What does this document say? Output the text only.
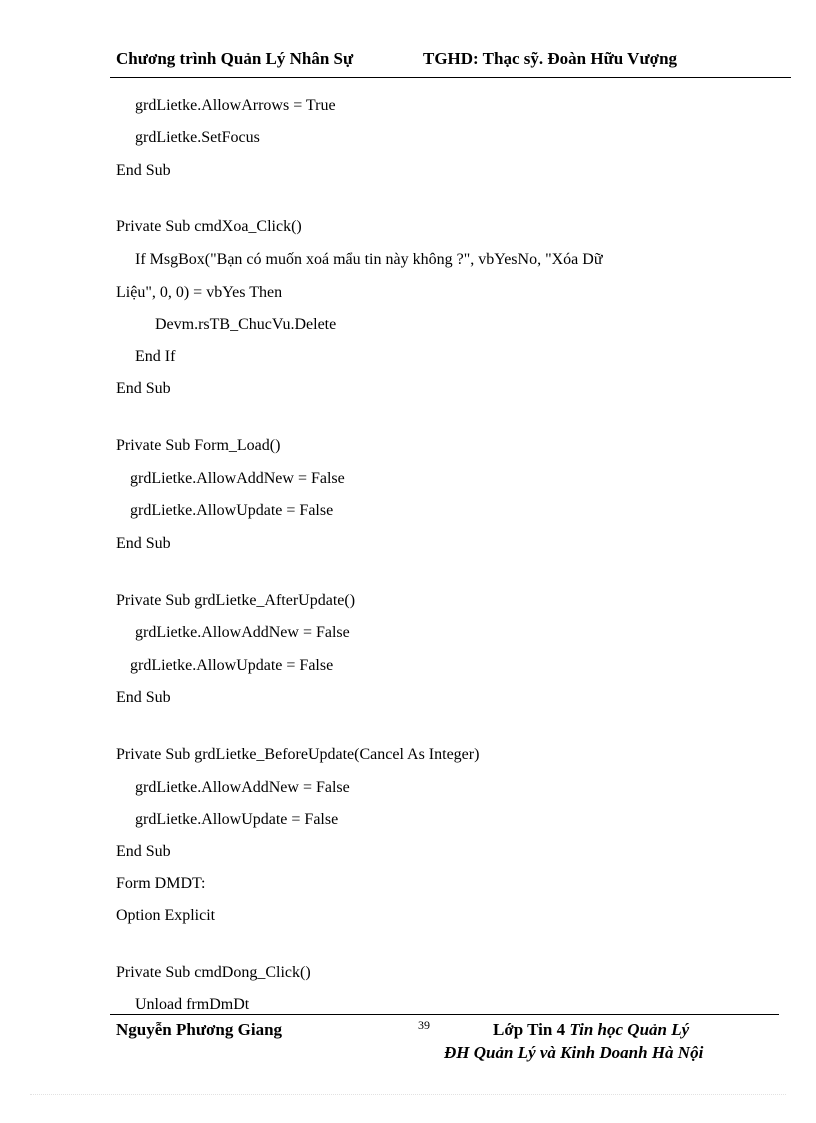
Chương trình Quản Lý Nhân Sự	TGHD: Thạc sỹ. Đoàn Hữu Vượng
grdLietke.AllowArrows = True
grdLietke.SetFocus
End Sub
Private Sub cmdXoa_Click()
If MsgBox("Bạn có muốn xoá mẩu tin này không ?", vbYesNo, "Xóa Dữ
Liệu", 0, 0) = vbYes Then
Devm.rsTB_ChucVu.Delete
End If
End Sub
Private Sub Form_Load()
grdLietke.AllowAddNew = False
grdLietke.AllowUpdate = False
End Sub
Private Sub grdLietke_AfterUpdate()
grdLietke.AllowAddNew = False
grdLietke.AllowUpdate = False
End Sub
Private Sub grdLietke_BeforeUpdate(Cancel As Integer)
grdLietke.AllowAddNew = False
grdLietke.AllowUpdate = False
End Sub
Form DMDT:
Option Explicit
Private Sub cmdDong_Click()
Unload frmDmDt
Nguyễn Phương Giang	39	Lớp Tin 4 Tin học Quản Lý
ĐH Quản Lý và Kinh Doanh Hà Nội
